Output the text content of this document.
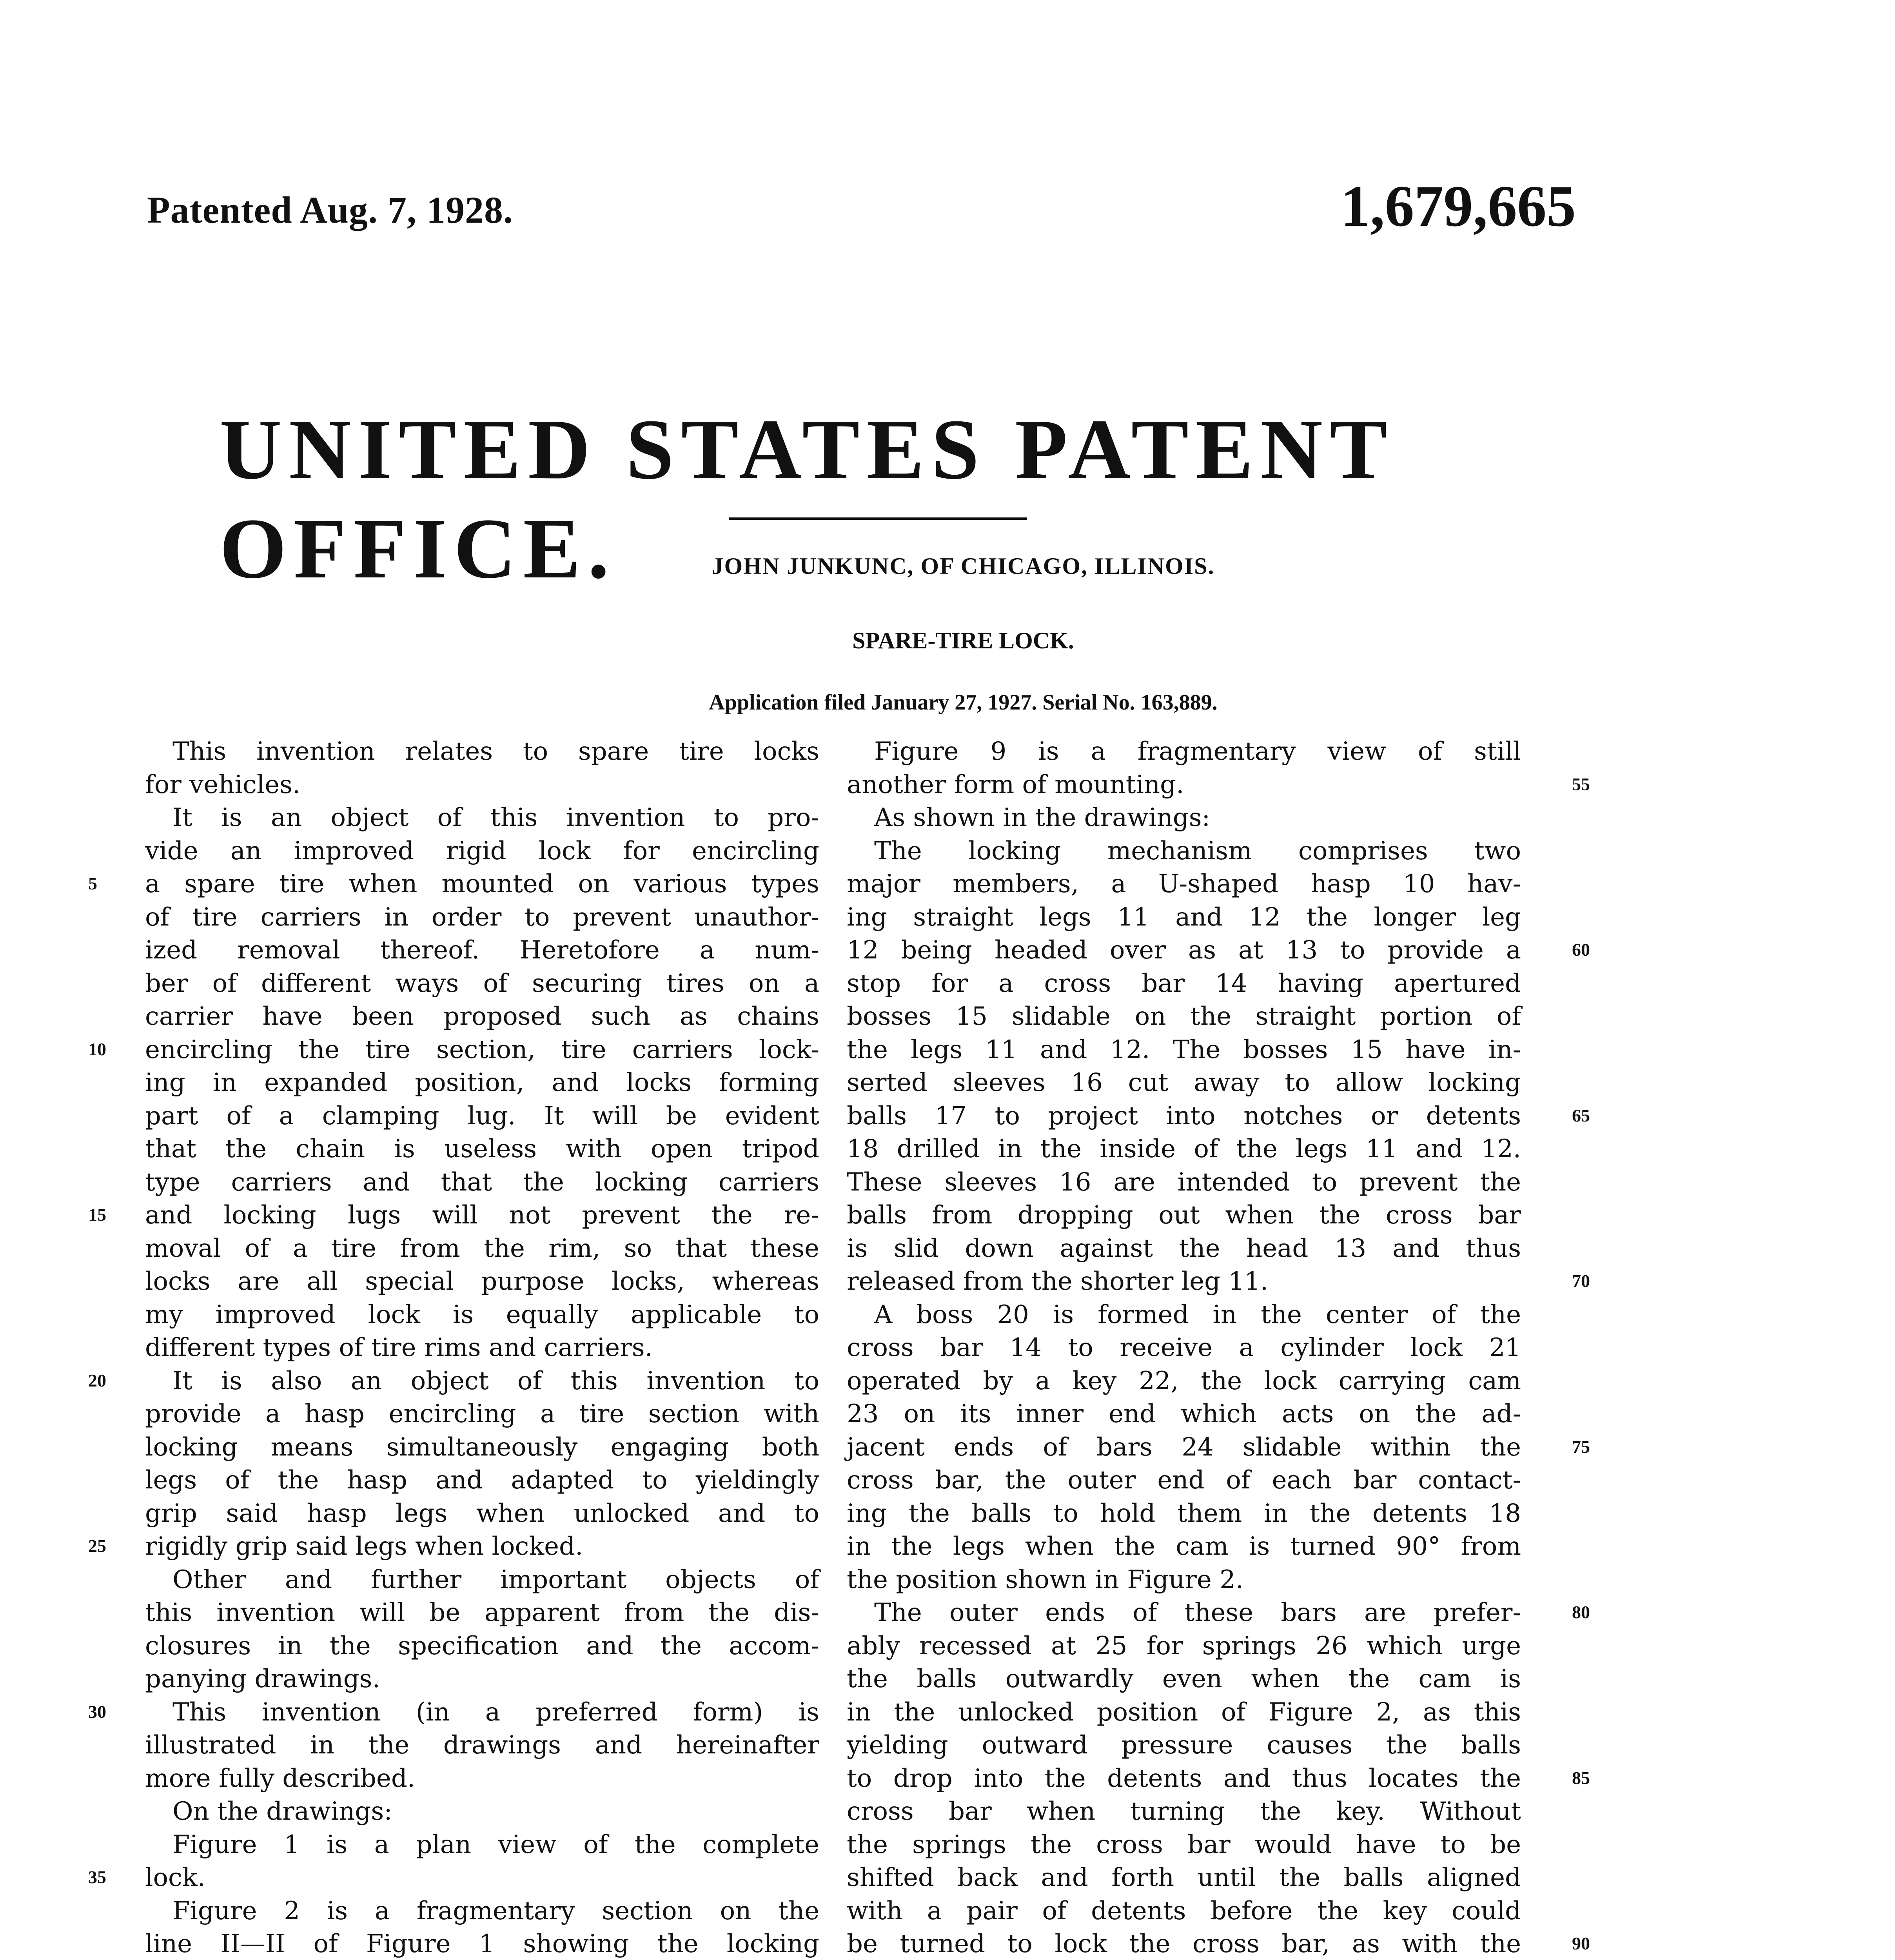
Patented Aug. 7, 1928.	1,679,665
UNITED STATES PATENT OFFICE.	JOHN JUNKUNC, OF CHICAGO, ILLINOIS.
SPARE-TIRE LOCK.
Application filed January 27, 1927. Serial No. 163,889.
This invention relates to spare tire locks
for vehicles.
It is an object of this invention to pro-
vide an improved rigid lock for encircling
a spare tire when mounted on various types
of tire carriers in order to prevent unauthor-
ized removal thereof. Heretofore a num-
ber of different ways of securing tires on a
carrier have been proposed such as chains
encircling the tire section, tire carriers lock-
ing in expanded position, and locks forming
part of a clamping lug. It will be evident
that the chain is useless with open tripod
type carriers and that the locking carriers
and locking lugs will not prevent the re-
moval of a tire from the rim, so that these
locks are all special purpose locks, whereas
my improved lock is equally applicable to
different types of tire rims and carriers.
It is also an object of this invention to
provide a hasp encircling a tire section with
locking means simultaneously engaging both
legs of the hasp and adapted to yieldingly
grip said hasp legs when unlocked and to
rigidly grip said legs when locked.
Other and further important objects of
this invention will be apparent from the dis-
closures in the specification and the accom-
panying drawings.
This invention (in a preferred form) is
illustrated in the drawings and hereinafter
more fully described.
On the drawings:
Figure 1 is a plan view of the complete
lock.
Figure 2 is a fragmentary section on the
line II—II of Figure 1 showing the locking
Figure 9 is a fragmentary view of still
another form of mounting.
As shown in the drawings:
The locking mechanism comprises two
major members, a U-shaped hasp 10 hav-
ing straight legs 11 and 12 the longer leg
12 being headed over as at 13 to provide a
stop for a cross bar 14 having apertured
bosses 15 slidable on the straight portion of
the legs 11 and 12. The bosses 15 have in-
serted sleeves 16 cut away to allow locking
balls 17 to project into notches or detents
18 drilled in the inside of the legs 11 and 12.
These sleeves 16 are intended to prevent the
balls from dropping out when the cross bar
is slid down against the head 13 and thus
released from the shorter leg 11.
A boss 20 is formed in the center of the
cross bar 14 to receive a cylinder lock 21
operated by a key 22, the lock carrying cam
23 on its inner end which acts on the ad-
jacent ends of bars 24 slidable within the
cross bar, the outer end of each bar contact-
ing the balls to hold them in the detents 18
in the legs when the cam is turned 90° from
the position shown in Figure 2.
The outer ends of these bars are prefer-
ably recessed at 25 for springs 26 which urge
the balls outwardly even when the cam is
in the unlocked position of Figure 2, as this
yielding outward pressure causes the balls
to drop into the detents and thus locates the
cross bar when turning the key. Without
the springs the cross bar would have to be
shifted back and forth until the balls aligned
with a pair of detents before the key could
be turned to lock the cross bar, as with the
5
10
15
20
25
30
35
55
60
65
70
75
80
85
90
